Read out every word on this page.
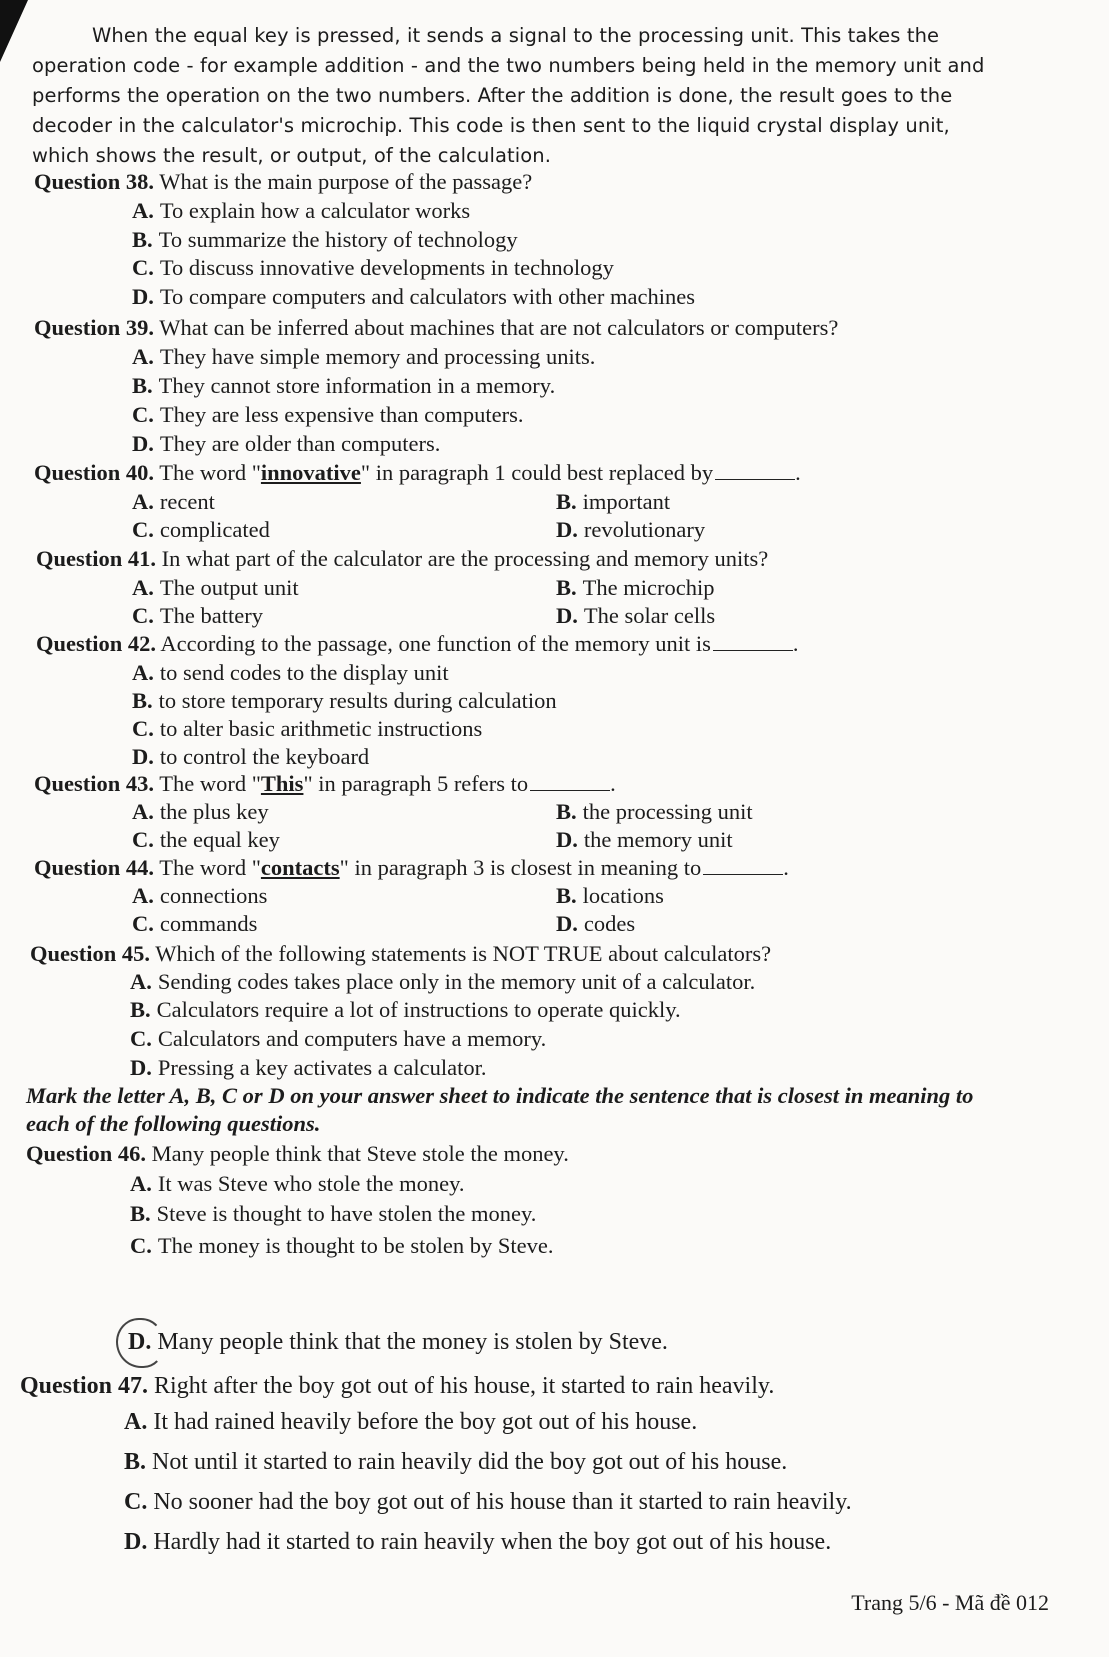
When the equal key is pressed, it sends a signal to the processing unit. This takes the
operation code - for example addition - and the two numbers being held in the memory unit and
performs the operation on the two numbers. After the addition is done, the result goes to the
decoder in the calculator's microchip. This code is then sent to the liquid crystal display unit,
which shows the result, or output, of the calculation.
Question 38. What is the main purpose of the passage?
A. To explain how a calculator works
B. To summarize the history of technology
C. To discuss innovative developments in technology
D. To compare computers and calculators with other machines
Question 39. What can be inferred about machines that are not calculators or computers?
A. They have simple memory and processing units.
B. They cannot store information in a memory.
C. They are less expensive than computers.
D. They are older than computers.
Question 40. The word "innovative" in paragraph 1 could best replaced by	.
A. recent	B. important
C. complicated	D. revolutionary
Question 41. In what part of the calculator are the processing and memory units?
A. The output unit	B. The microchip
C. The battery	D. The solar cells
Question 42. According to the passage, one function of the memory unit is	.
A. to send codes to the display unit
B. to store temporary results during calculation
C. to alter basic arithmetic instructions
D. to control the keyboard
Question 43. The word "This" in paragraph 5 refers to	.
A. the plus key	B. the processing unit
C. the equal key	D. the memory unit
Question 44. The word "contacts" in paragraph 3 is closest in meaning to	.
A. connections	B. locations
C. commands	D. codes
Question 45. Which of the following statements is NOT TRUE about calculators?
A. Sending codes takes place only in the memory unit of a calculator.
B. Calculators require a lot of instructions to operate quickly.
C. Calculators and computers have a memory.
D. Pressing a key activates a calculator.
Mark the letter A, B, C or D on your answer sheet to indicate the sentence that is closest in meaning to
each of the following questions.
Question 46. Many people think that Steve stole the money.
A. It was Steve who stole the money.
B. Steve is thought to have stolen the money.
C. The money is thought to be stolen by Steve.
D. Many people think that the money is stolen by Steve.
Question 47. Right after the boy got out of his house, it started to rain heavily.
A. It had rained heavily before the boy got out of his house.
B. Not until it started to rain heavily did the boy got out of his house.
C. No sooner had the boy got out of his house than it started to rain heavily.
D. Hardly had it started to rain heavily when the boy got out of his house.
Trang 5/6 - Mã đề 012
